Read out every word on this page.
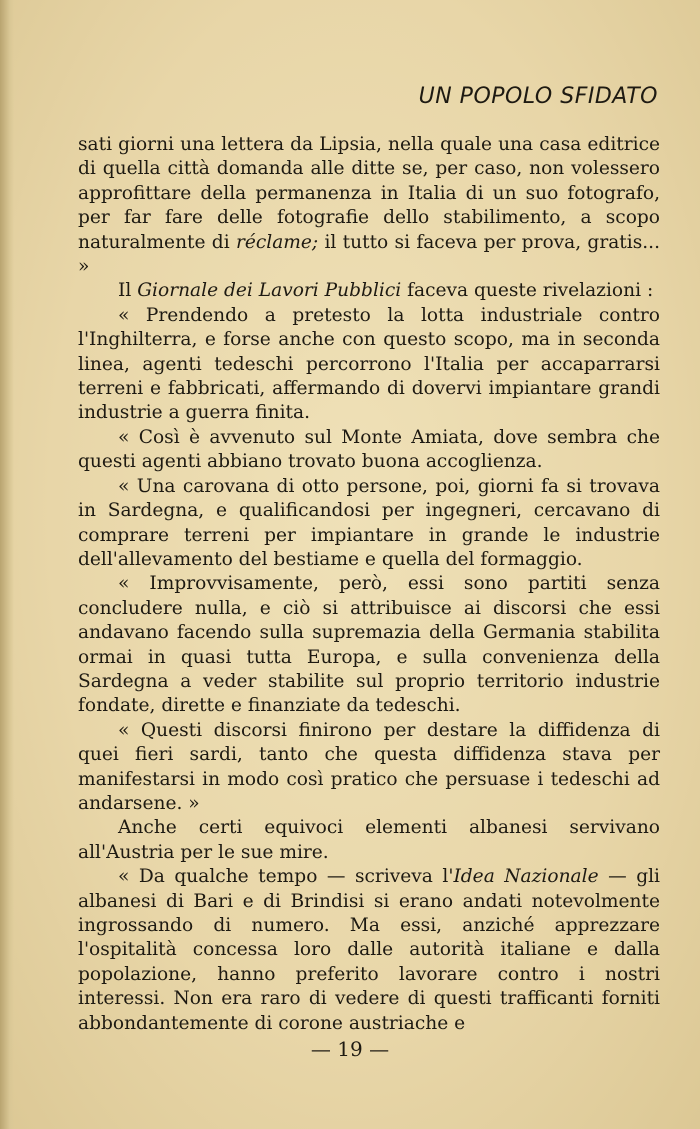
UN POPOLO SFIDATO

sati giorni una lettera da Lipsia, nella quale una casa editrice di quella città domanda alle ditte se, per caso, non volessero approfittare della permanenza in Italia di un suo fotografo, per far fare delle fotografie dello stabilimento, a scopo naturalmente di réclame; il tutto si faceva per prova, gratis... »

Il Giornale dei Lavori Pubblici faceva queste rivelazioni :

« Prendendo a pretesto la lotta industriale contro l'Inghilterra, e forse anche con questo scopo, ma in seconda linea, agenti tedeschi percorrono l'Italia per accaparrarsi terreni e fabbricati, affermando di dovervi impiantare grandi industrie a guerra finita.

« Così è avvenuto sul Monte Amiata, dove sembra che questi agenti abbiano trovato buona accoglienza.

« Una carovana di otto persone, poi, giorni fa si trovava in Sardegna, e qualificandosi per ingegneri, cercavano di comprare terreni per impiantare in grande le industrie dell'allevamento del bestiame e quella del formaggio.

« Improvvisamente, però, essi sono partiti senza concludere nulla, e ciò si attribuisce ai discorsi che essi andavano facendo sulla supremazia della Germania stabilita ormai in quasi tutta Europa, e sulla convenienza della Sardegna a veder stabilite sul proprio territorio industrie fondate, dirette e finanziate da tedeschi.

« Questi discorsi finirono per destare la diffidenza di quei fieri sardi, tanto che questa diffidenza stava per manifestarsi in modo così pratico che persuase i tedeschi ad andarsene. »

Anche certi equivoci elementi albanesi servivano all'Austria per le sue mire.

« Da qualche tempo — scriveva l'Idea Nazionale — gli albanesi di Bari e di Brindisi si erano andati notevolmente ingrossando di numero. Ma essi, anziché apprezzare l'ospitalità concessa loro dalle autorità italiane e dalla popolazione, hanno preferito lavorare contro i nostri interessi. Non era raro di vedere di questi trafficanti forniti abbondantemente di corone austriache e

— 19 —
